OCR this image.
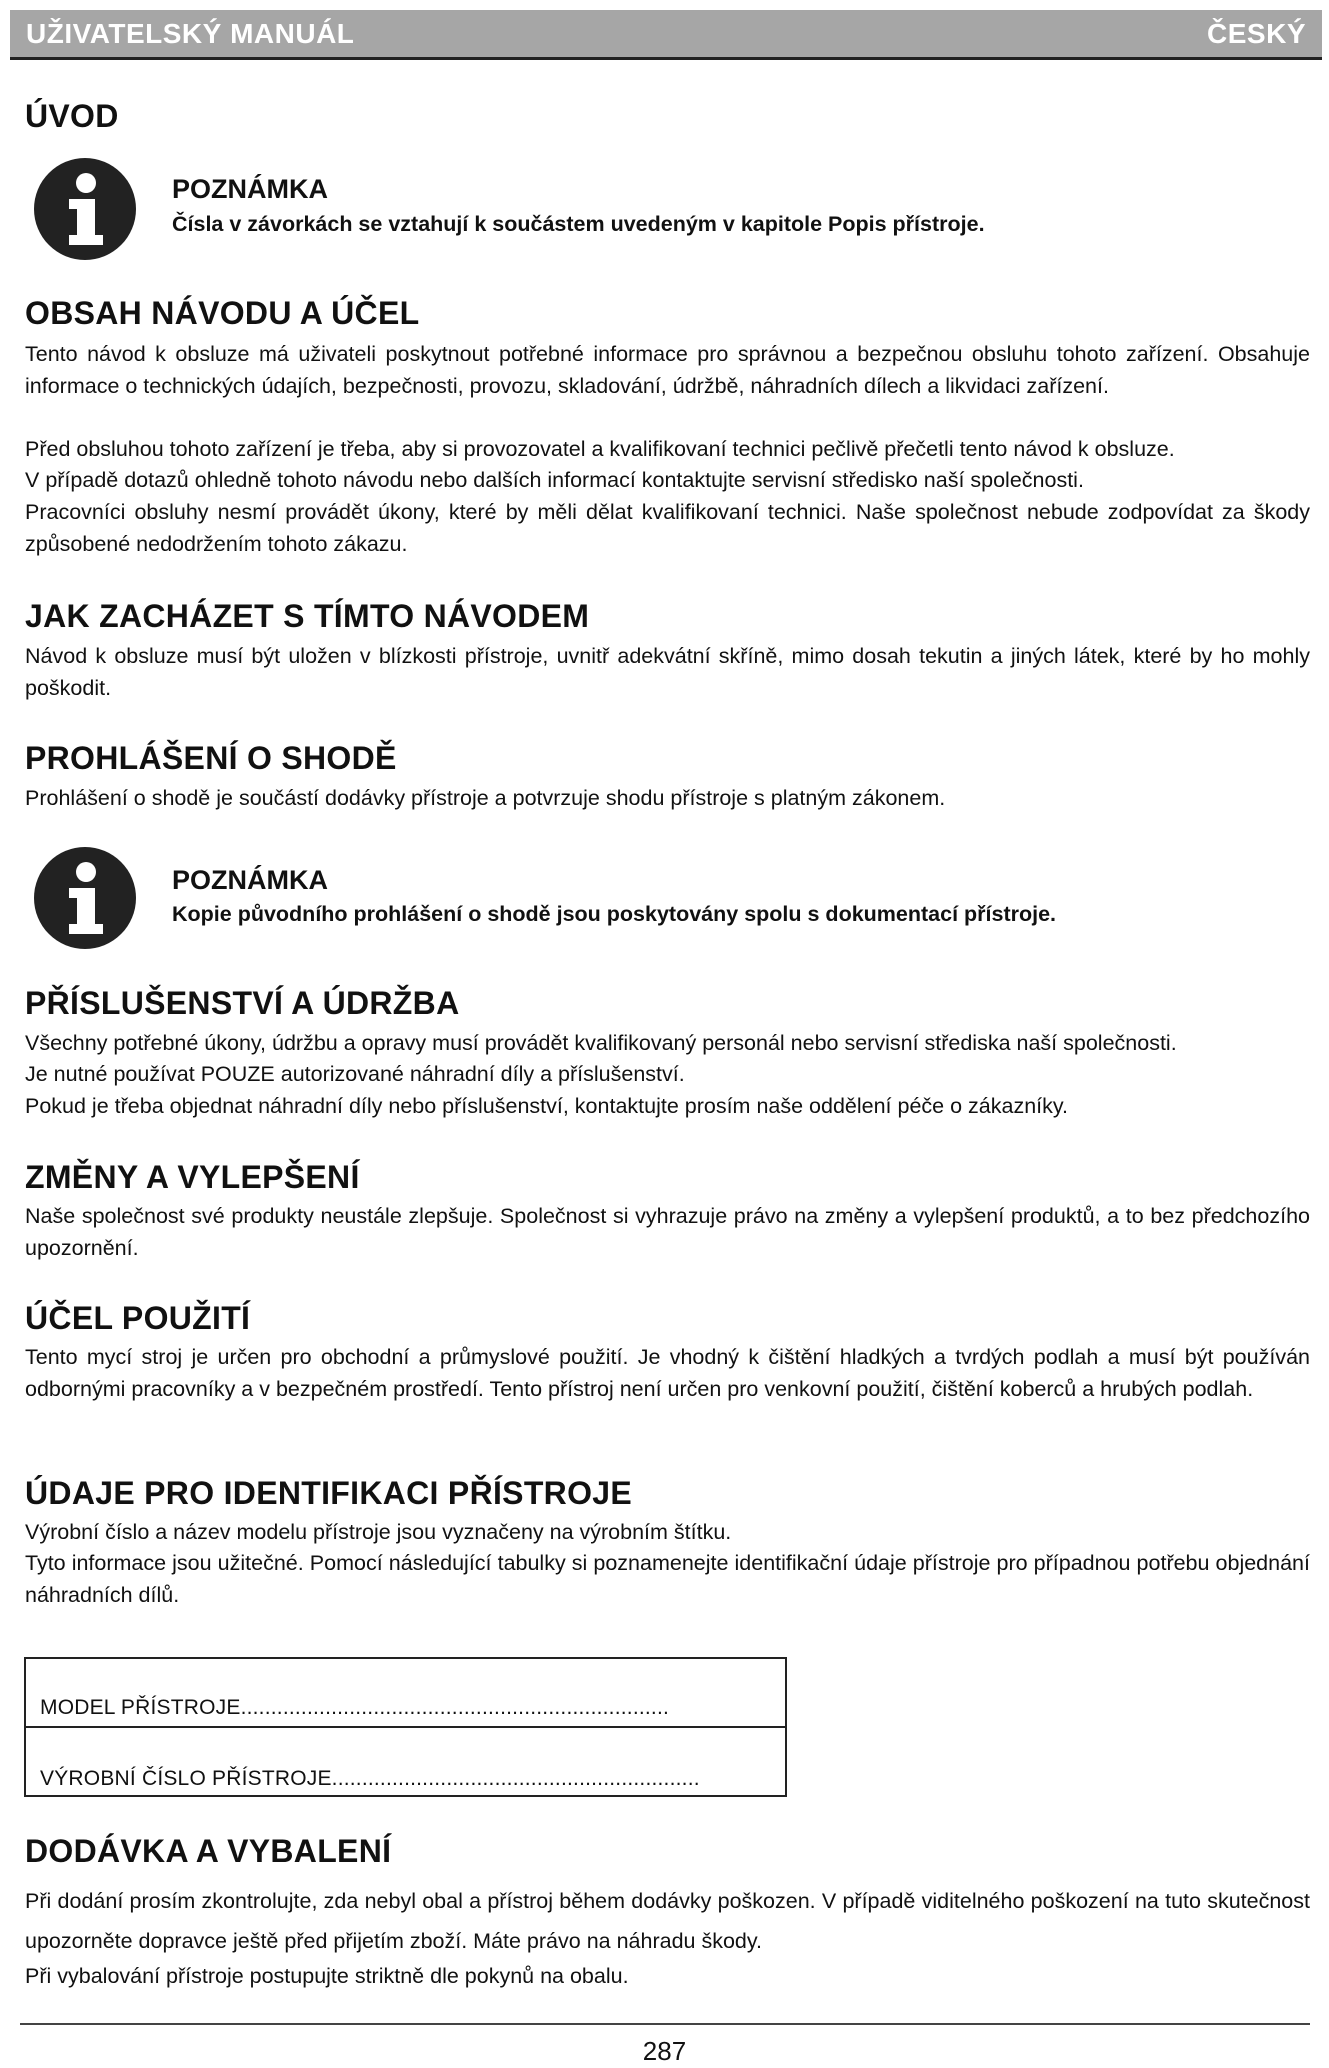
UŽIVATELSKÝ MANUÁL	ČESKÝ
ÚVOD

POZNÁMKA

Čísla v závorkách se vztahují k součástem uvedeným v kapitole Popis přístroje.

OBSAH NÁVODU A ÚČEL

Tento návod k obsluze má uživateli poskytnout potřebné informace pro správnou a bezpečnou obsluhu tohoto zařízení. Obsahuje informace o technických údajích, bezpečnosti, provozu, skladování, údržbě, náhradních dílech a likvidaci zařízení.

Před obsluhou tohoto zařízení je třeba, aby si provozovatel a kvalifikovaní technici pečlivě přečetli tento návod k obsluze.

V případě dotazů ohledně tohoto návodu nebo dalších informací kontaktujte servisní středisko naší společnosti.

Pracovníci obsluhy nesmí provádět úkony, které by měli dělat kvalifikovaní technici. Naše společnost nebude zodpovídat za škody způsobené nedodržením tohoto zákazu.

JAK ZACHÁZET S TÍMTO NÁVODEM

Návod k obsluze musí být uložen v blízkosti přístroje, uvnitř adekvátní skříně, mimo dosah tekutin a jiných látek, které by ho mohly poškodit.

PROHLÁŠENÍ O SHODĚ

Prohlášení o shodě je součástí dodávky přístroje a potvrzuje shodu přístroje s platným zákonem.

POZNÁMKA

Kopie původního prohlášení o shodě jsou poskytovány spolu s dokumentací přístroje.

PŘÍSLUŠENSTVÍ A ÚDRŽBA

Všechny potřebné úkony, údržbu a opravy musí provádět kvalifikovaný personál nebo servisní střediska naší společnosti.

Je nutné používat POUZE autorizované náhradní díly a příslušenství.

Pokud je třeba objednat náhradní díly nebo příslušenství, kontaktujte prosím naše oddělení péče o zákazníky.

ZMĚNY A VYLEPŠENÍ

Naše společnost své produkty neustále zlepšuje. Společnost si vyhrazuje právo na změny a vylepšení produktů, a to bez předchozího upozornění.

ÚČEL POUŽITÍ

Tento mycí stroj je určen pro obchodní a průmyslové použití. Je vhodný k čištění hladkých a tvrdých podlah a musí být používán odbornými pracovníky a v bezpečném prostředí. Tento přístroj není určen pro venkovní použití, čištění koberců a hrubých podlah.

ÚDAJE PRO IDENTIFIKACI PŘÍSTROJE

Výrobní číslo a název modelu přístroje jsou vyznačeny na výrobním štítku.

Tyto informace jsou užitečné. Pomocí následující tabulky si poznamenejte identifikační údaje přístroje pro případnou potřebu objednání náhradních dílů.

MODEL PŘÍSTROJE.......................................................................
VÝROBNÍ ČÍSLO PŘÍSTROJE.............................................................
DODÁVKA A VYBALENÍ

Při dodání prosím zkontrolujte, zda nebyl obal a přístroj během dodávky poškozen. V případě viditelného poškození na tuto skutečnost upozorněte dopravce ještě před přijetím zboží. Máte právo na náhradu škody.

Při vybalování přístroje postupujte striktně dle pokynů na obalu.

287
